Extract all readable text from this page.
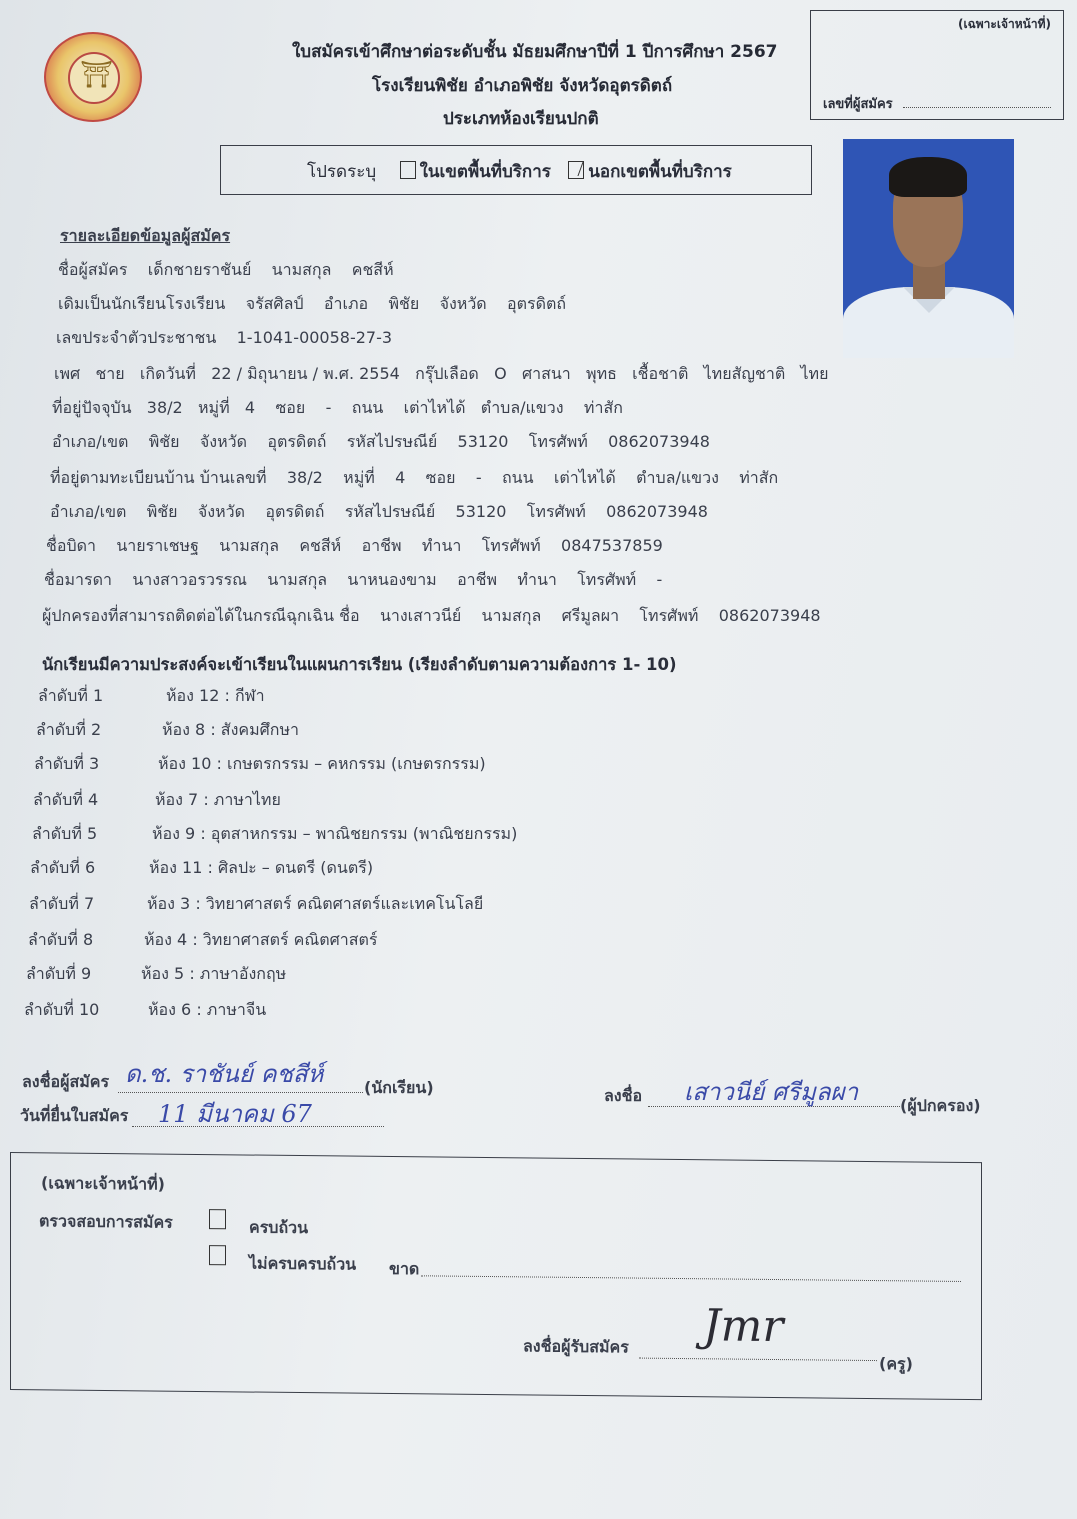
⛩
ใบสมัครเข้าศึกษาต่อระดับชั้น มัธยมศึกษาปีที่ 1 ปีการศึกษา 2567
โรงเรียนพิชัย อำเภอพิชัย จังหวัดอุตรดิตถ์
ประเภทห้องเรียนปกติ
(เฉพาะเจ้าหน้าที่)
เลขที่ผู้สมัคร
โปรดระบุ	ในเขตพื้นที่บริการ นอกเขตพื้นที่บริการ
รายละเอียดข้อมูลผู้สมัคร
ชื่อผู้สมัคร เด็กชายราชันย์ นามสกุล คชสีห์
เดิมเป็นนักเรียนโรงเรียน จรัสศิลป์ อำเภอ พิชัย จังหวัด อุตรดิตถ์
เลขประจำตัวประชาชน 1-1041-00058-27-3
เพศ ชาย เกิดวันที่ 22 / มิถุนายน / พ.ศ. 2554 กรุ๊ปเลือด O ศาสนา พุทธ เชื้อชาติ ไทยสัญชาติ ไทย
ที่อยู่ปัจจุบัน 38/2 หมู่ที่ 4 ซอย - ถนน เต่าไหได้ ตำบล/แขวง ท่าสัก
อำเภอ/เขต พิชัย จังหวัด อุตรดิตถ์ รหัสไปรษณีย์ 53120 โทรศัพท์ 0862073948
ที่อยู่ตามทะเบียนบ้าน บ้านเลขที่ 38/2 หมู่ที่ 4 ซอย - ถนน เต่าไหได้ ตำบล/แขวง ท่าสัก
อำเภอ/เขต พิชัย จังหวัด อุตรดิตถ์ รหัสไปรษณีย์ 53120 โทรศัพท์ 0862073948
ชื่อบิดา นายราเชษฐ นามสกุล คชสีห์ อาชีพ ทำนา โทรศัพท์ 0847537859
ชื่อมารดา นางสาวอรวรรณ นามสกุล นาหนองขาม อาชีพ ทำนา โทรศัพท์ -
ผู้ปกครองที่สามารถติดต่อได้ในกรณีฉุกเฉิน ชื่อ นางเสาวนีย์ นามสกุล ศรีมูลผา โทรศัพท์ 0862073948
นักเรียนมีความประสงค์จะเข้าเรียนในแผนการเรียน (เรียงลำดับตามความต้องการ 1- 10)
ลำดับที่ 1	ห้อง 12 : กีฬา
ลำดับที่ 2	ห้อง 8 : สังคมศึกษา
ลำดับที่ 3	ห้อง 10 : เกษตรกรรม – คหกรรม (เกษตรกรรม)
ลำดับที่ 4	ห้อง 7 : ภาษาไทย
ลำดับที่ 5	ห้อง 9 : อุตสาหกรรม – พาณิชยกรรม (พาณิชยกรรม)
ลำดับที่ 6	ห้อง 11 : ศิลปะ – ดนตรี (ดนตรี)
ลำดับที่ 7	ห้อง 3 : วิทยาศาสตร์ คณิตศาสตร์และเทคโนโลยี
ลำดับที่ 8	ห้อง 4 : วิทยาศาสตร์ คณิตศาสตร์
ลำดับที่ 9	ห้อง 5 : ภาษาอังกฤษ
ลำดับที่ 10	ห้อง 6 : ภาษาจีน
ลงชื่อผู้สมัคร ด.ช. ราชันย์ คชสีห์	(นักเรียน)
วันที่ยื่นใบสมัคร 11 มีนาคม 67
ลงชื่อ เสาวนีย์ ศรีมูลผา	(ผู้ปกครอง)
(เฉพาะเจ้าหน้าที่)
ตรวจสอบการสมัคร	ครบถ้วน
ไม่ครบครบถ้วน ขาด
ลงชื่อผู้รับสมัคร Jmr
(ครู)
